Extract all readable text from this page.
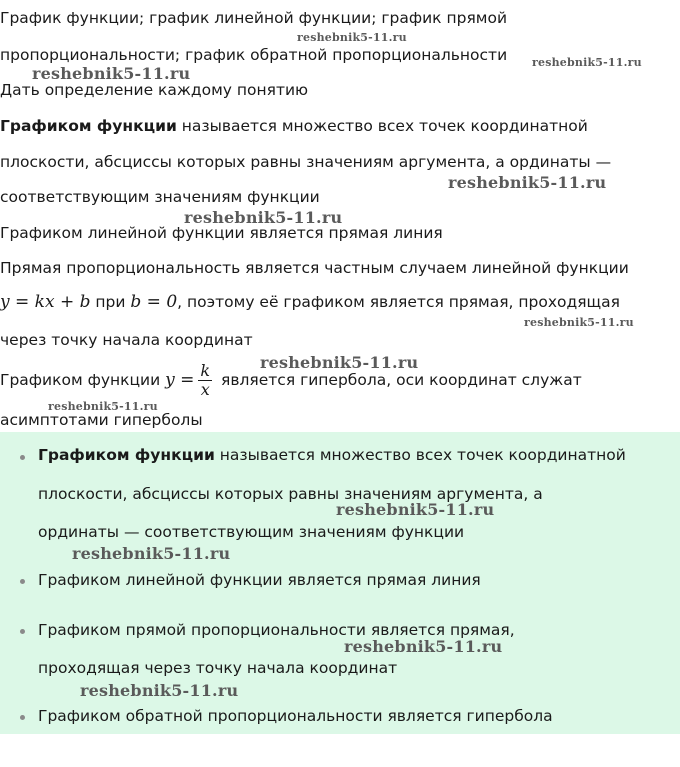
График функции; график линейной функции; график прямой
пропорциональности; график обратной пропорциональности
Дать определение каждому понятию
Графиком функции называется множество всех точек координатной
плоскости, абсциссы которых равны значениям аргумента, а ординаты —
соответствующим значениям функции
Графиком линейной функции является прямая линия
Прямая пропорциональность является частным случаем линейной функции
y = kx + b при b = 0, поэтому её графиком является прямая, проходящая
через точку начала координат
Графиком функции $y = \frac{k}{x}$ является гипербола, оси координат служат
асимптотами гиперболы
Графиком функции называется множество всех точек координатной
плоскости, абсциссы которых равны значениям аргумента, а
ординаты — соответствующим значениям функции
Графиком линейной функции является прямая линия
Графиком прямой пропорциональности является прямая,
проходящая через точку начала координат
Графиком обратной пропорциональности является гипербола
reshebnik5-11.ru
reshebnik5-11.ru
reshebnik5-11.ru
reshebnik5-11.ru
reshebnik5-11.ru
reshebnik5-11.ru
reshebnik5-11.ru
reshebnik5-11.ru
reshebnik5-11.ru
reshebnik5-11.ru
reshebnik5-11.ru
reshebnik5-11.ru
